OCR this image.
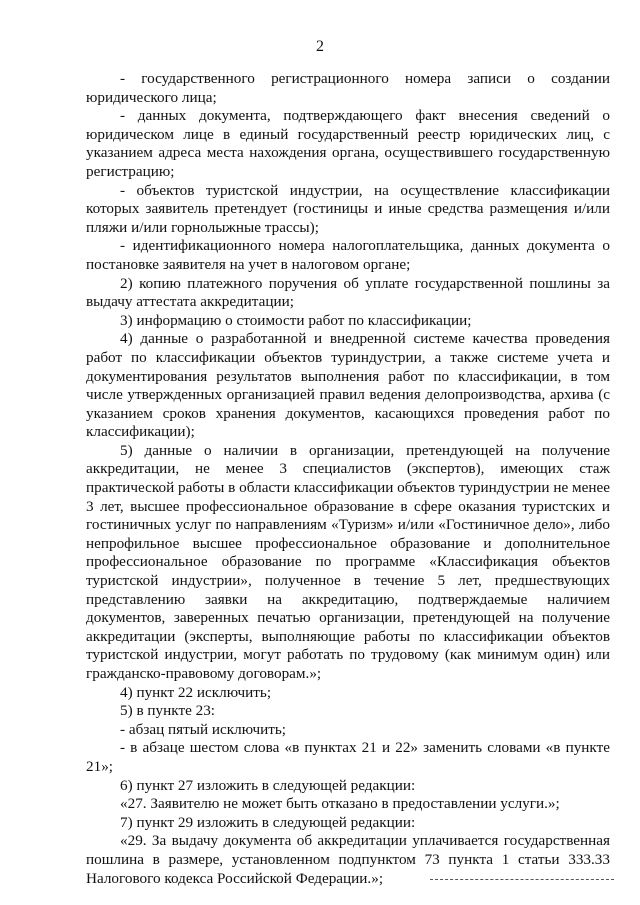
2

- государственного регистрационного номера записи о создании юридического лица;

- данных документа, подтверждающего факт внесения сведений о юридическом лице в единый государственный реестр юридических лиц, с указанием адреса места нахождения органа, осуществившего государственную регистрацию;

- объектов туристской индустрии, на осуществление классификации которых заявитель претендует (гостиницы и иные средства размещения и/или пляжи и/или горнолыжные трассы);

- идентификационного номера налогоплательщика, данных документа о постановке заявителя на учет в налоговом органе;

2) копию платежного поручения об уплате государственной пошлины за выдачу аттестата аккредитации;

3) информацию о стоимости работ по классификации;

4) данные о разработанной и внедренной системе качества проведения работ по классификации объектов туриндустрии, а также системе учета и документирования результатов выполнения работ по классификации, в том числе утвержденных организацией правил ведения делопроизводства, архива (с указанием сроков хранения документов, касающихся проведения работ по классификации);

5) данные о наличии в организации, претендующей на получение аккредитации, не менее 3 специалистов (экспертов), имеющих стаж практической работы в области классификации объектов туриндустрии не менее 3 лет, высшее профессиональное образование в сфере оказания туристских и гостиничных услуг по направлениям «Туризм» и/или «Гостиничное дело», либо непрофильное высшее профессиональное образование и дополнительное профессиональное образование по программе «Классификация объектов туристской индустрии», полученное в течение 5 лет, предшествующих представлению заявки на аккредитацию, подтверждаемые наличием документов, заверенных печатью организации, претендующей на получение аккредитации (эксперты, выполняющие работы по классификации объектов туристской индустрии, могут работать по трудовому (как минимум один) или гражданско-правовому договорам.»;

4) пункт 22 исключить;

5) в пункте 23:

- абзац пятый исключить;

- в абзаце шестом слова «в пунктах 21 и 22» заменить словами «в пункте 21»;

6) пункт 27 изложить в следующей редакции:

«27. Заявителю не может быть отказано в предоставлении услуги.»;

7) пункт 29 изложить в следующей редакции:

«29. За выдачу документа об аккредитации уплачивается государственная пошлина в размере, установленном подпунктом 73 пункта 1 статьи 333.33 Налогового кодекса Российской Федерации.»;
